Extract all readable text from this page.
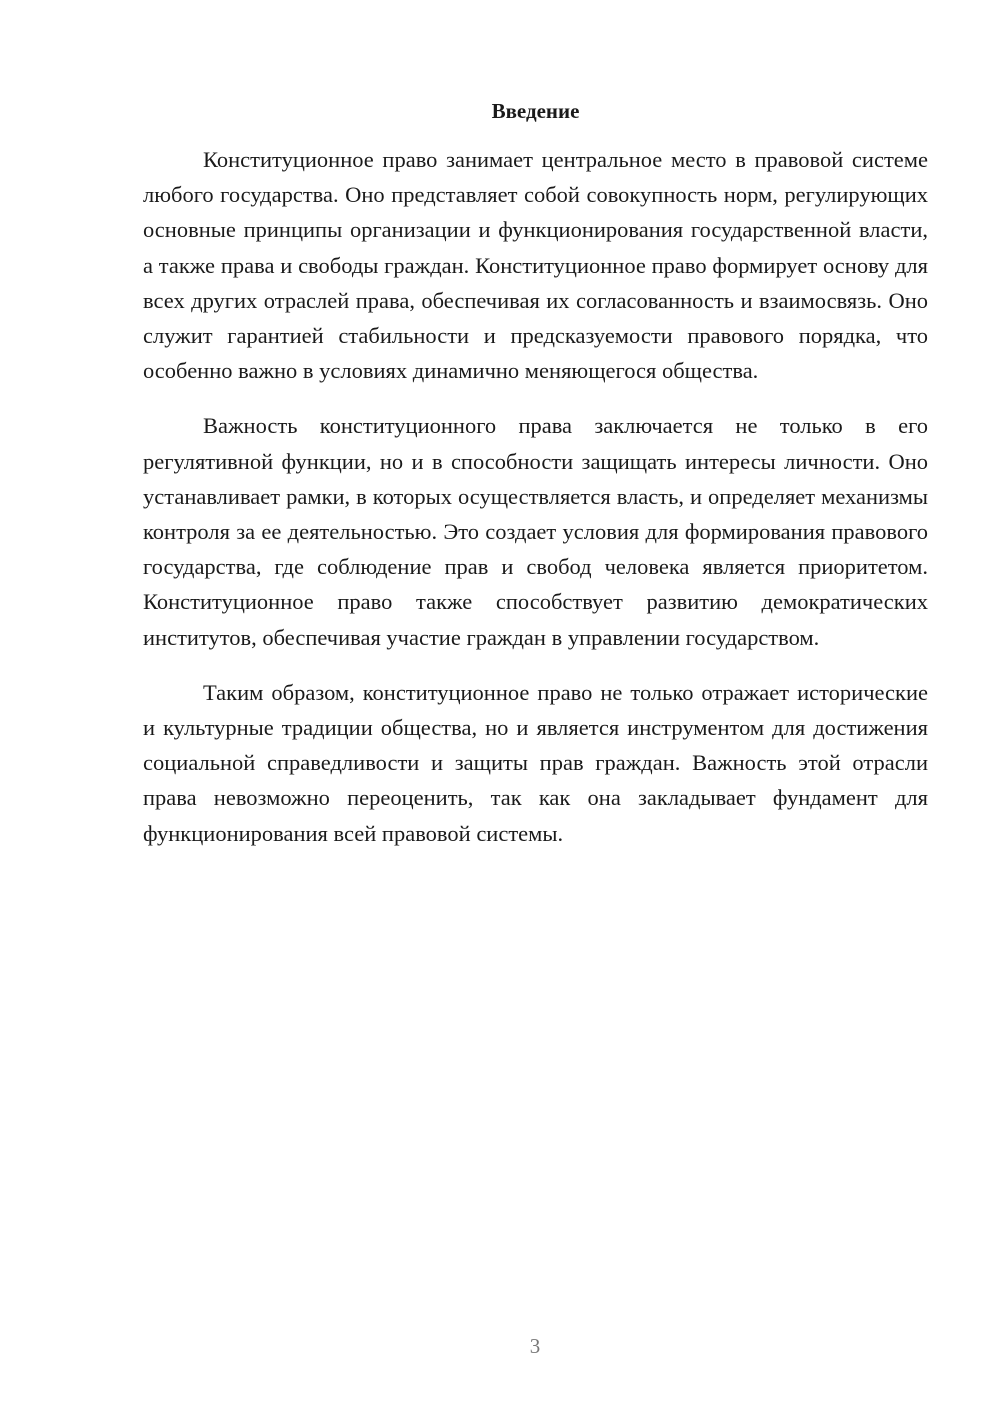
Введение

Конституционное право занимает центральное место в правовой системе любого государства. Оно представляет собой совокупность норм, регулирующих основные принципы организации и функционирования государственной власти, а также права и свободы граждан. Конституционное право формирует основу для всех других отраслей права, обеспечивая их согласованность и взаимосвязь. Оно служит гарантией стабильности и предсказуемости правового порядка, что особенно важно в условиях динамично меняющегося общества.

Важность конституционного права заключается не только в его регулятивной функции, но и в способности защищать интересы личности. Оно устанавливает рамки, в которых осуществляется власть, и определяет механизмы контроля за ее деятельностью. Это создает условия для формирования правового государства, где соблюдение прав и свобод человека является приоритетом. Конституционное право также способствует развитию демократических институтов, обеспечивая участие граждан в управлении государством.

Таким образом, конституционное право не только отражает исторические и культурные традиции общества, но и является инструментом для достижения социальной справедливости и защиты прав граждан. Важность этой отрасли права невозможно переоценить, так как она закладывает фундамент для функционирования всей правовой системы.

3
